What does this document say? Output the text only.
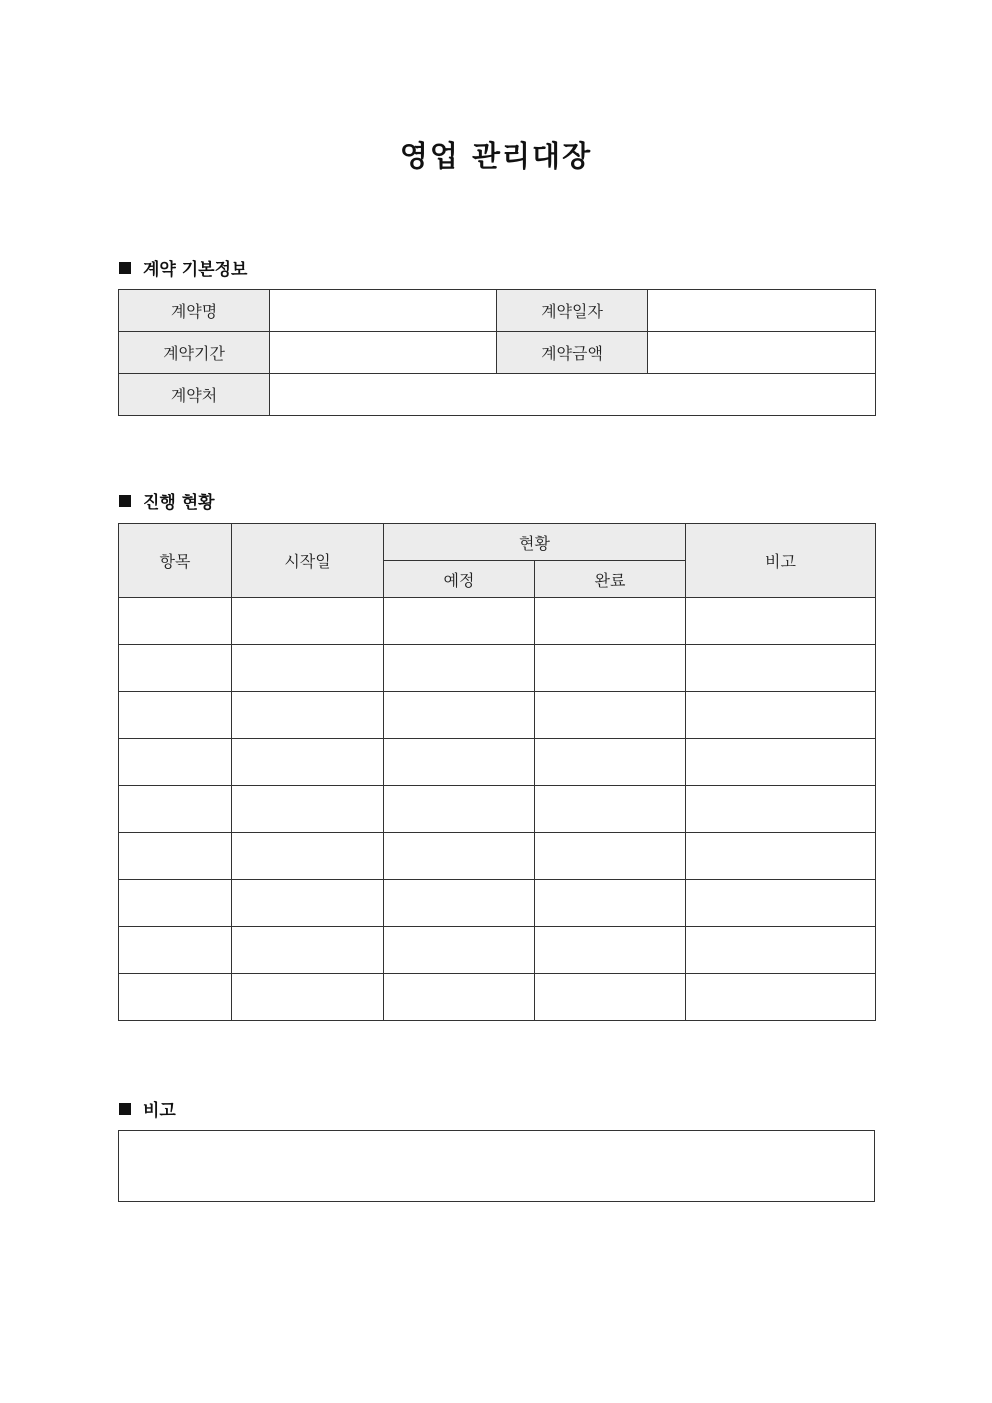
영업 관리대장
계약 기본정보
계약명		계약일자	
계약기간		계약금액	
계약처			
진행 현황
항목	시작일	현황		비고
		예정	완료	

비고
